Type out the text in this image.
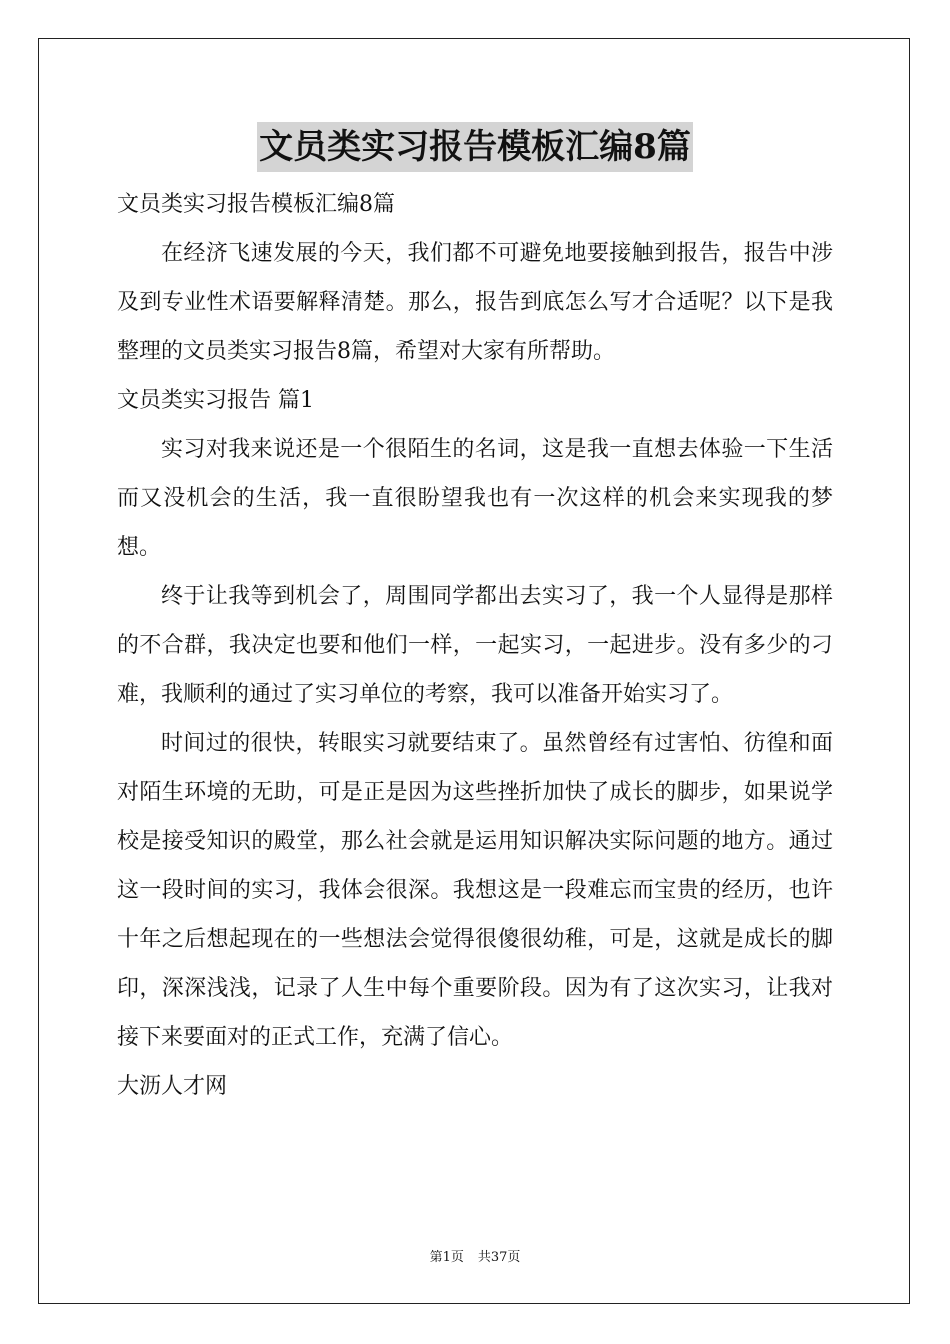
文员类实习报告模板汇编8篇

文员类实习报告模板汇编8篇

在经济飞速发展的今天，我们都不可避免地要接触到报告，报告中涉及到专业性术语要解释清楚。那么，报告到底怎么写才合适呢？以下是我整理的文员类实习报告8篇，希望对大家有所帮助。

文员类实习报告 篇1

实习对我来说还是一个很陌生的名词，这是我一直想去体验一下生活而又没机会的生活，我一直很盼望我也有一次这样的机会来实现我的梦想。

终于让我等到机会了，周围同学都出去实习了，我一个人显得是那样的不合群，我决定也要和他们一样，一起实习，一起进步。没有多少的刁难，我顺利的通过了实习单位的考察，我可以准备开始实习了。

时间过的很快，转眼实习就要结束了。虽然曾经有过害怕、彷徨和面对陌生环境的无助，可是正是因为这些挫折加快了成长的脚步，如果说学校是接受知识的殿堂，那么社会就是运用知识解决实际问题的地方。通过这一段时间的实习，我体会很深。我想这是一段难忘而宝贵的经历，也许十年之后想起现在的一些想法会觉得很傻很幼稚，可是，这就是成长的脚印，深深浅浅，记录了人生中每个重要阶段。因为有了这次实习，让我对接下来要面对的正式工作，充满了信心。

大沥人才网

第1页 共37页
